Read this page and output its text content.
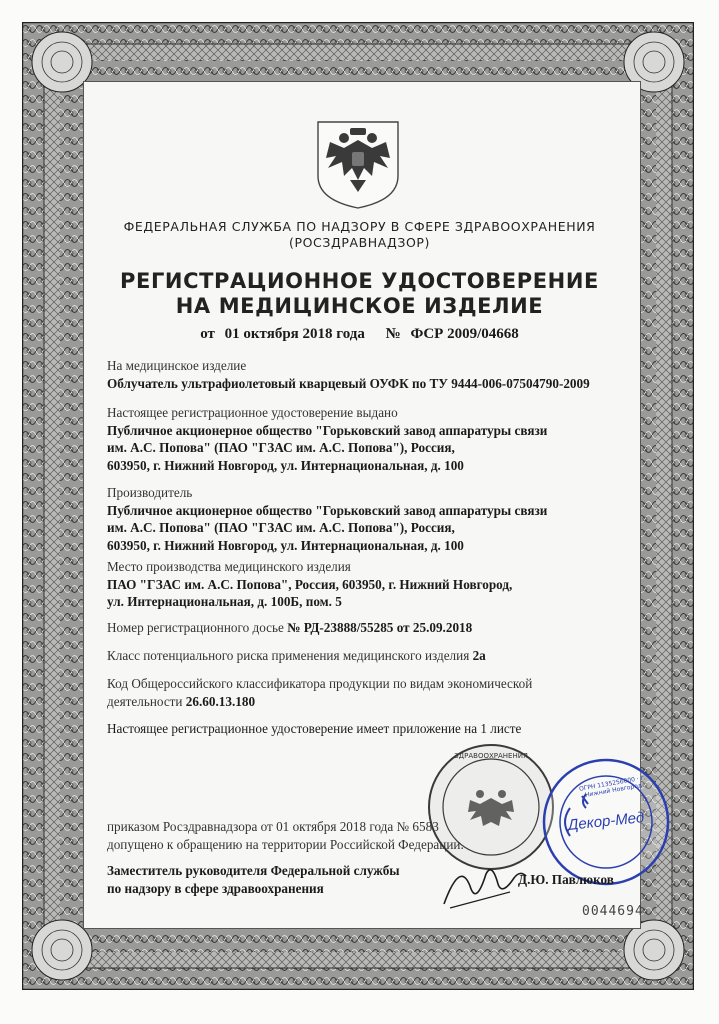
ФЕДЕРАЛЬНАЯ СЛУЖБА ПО НАДЗОРУ В СФЕРЕ ЗДРАВООХРАНЕНИЯ
(РОСЗДРАВНАДЗОР)
РЕГИСТРАЦИОННОЕ УДОСТОВЕРЕНИЕ
НА МЕДИЦИНСКОЕ ИЗДЕЛИЕ
от 01 октября 2018 года № ФСР 2009/04668
На медицинское изделие
Облучатель ультрафиолетовый кварцевый ОУФК по ТУ 9444-006-07504790-2009
Настоящее регистрационное удостоверение выдано
Публичное акционерное общество "Горьковский завод аппаратуры связи
им. А.С. Попова" (ПАО "ГЗАС им. А.С. Попова"), Россия,
603950, г. Нижний Новгород, ул. Интернациональная, д. 100
Производитель
Публичное акционерное общество "Горьковский завод аппаратуры связи
им. А.С. Попова" (ПАО "ГЗАС им. А.С. Попова"), Россия,
603950, г. Нижний Новгород, ул. Интернациональная, д. 100
Место производства медицинского изделия
ПАО "ГЗАС им. А.С. Попова", Россия, 603950, г. Нижний Новгород,
ул. Интернациональная, д. 100Б, пом. 5
Номер регистрационного досье № РД-23888/55285 от 25.09.2018
Класс потенциального риска применения медицинского изделия 2а
Код Общероссийского классификатора продукции по видам экономической
деятельности 26.60.13.180
Настоящее регистрационное удостоверение имеет приложение на 1 листе
ЗДРАВООХРАНЕНИЯ
Декор-Мед
ОГРН 1135256000 · г. Нижний Новгород
приказом Росздравнадзора от 01 октября 2018 года № 6583
допущено к обращению на территории Российской Федерации.
Заместитель руководителя Федеральной службы
по надзору в сфере здравоохранения
Д.Ю. Павлюков
0044694
